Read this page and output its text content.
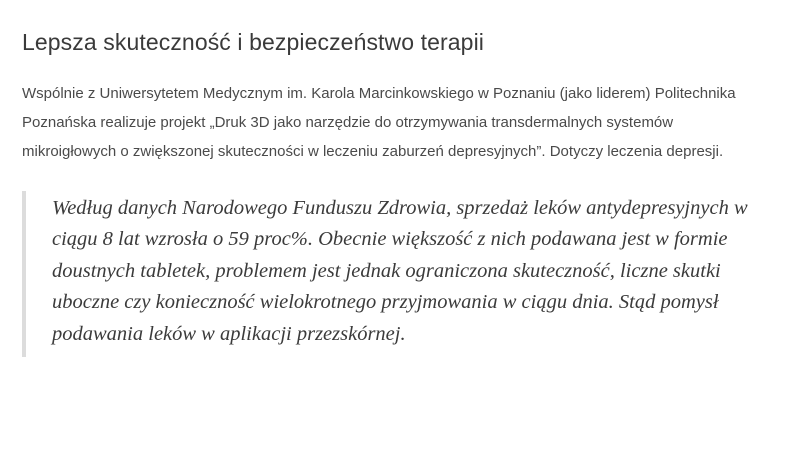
Lepsza skuteczność i bezpieczeństwo terapii

Wspólnie z Uniwersytetem Medycznym im. Karola Marcinkowskiego w Poznaniu (jako liderem) Politechnika Poznańska realizuje projekt „Druk 3D jako narzędzie do otrzymywania transdermalnych systemów mikroigłowych o zwiększonej skuteczności w leczeniu zaburzeń depresyjnych”. Dotyczy leczenia depresji.

Według danych Narodowego Funduszu Zdrowia, sprzedaż leków antydepresyjnych w ciągu 8 lat wzrosła o 59 proc%. Obecnie większość z nich podawana jest w formie doustnych tabletek, problemem jest jednak ograniczona skuteczność, liczne skutki uboczne czy konieczność wielokrotnego przyjmowania w ciągu dnia. Stąd pomysł podawania leków w aplikacji przezskórnej.
